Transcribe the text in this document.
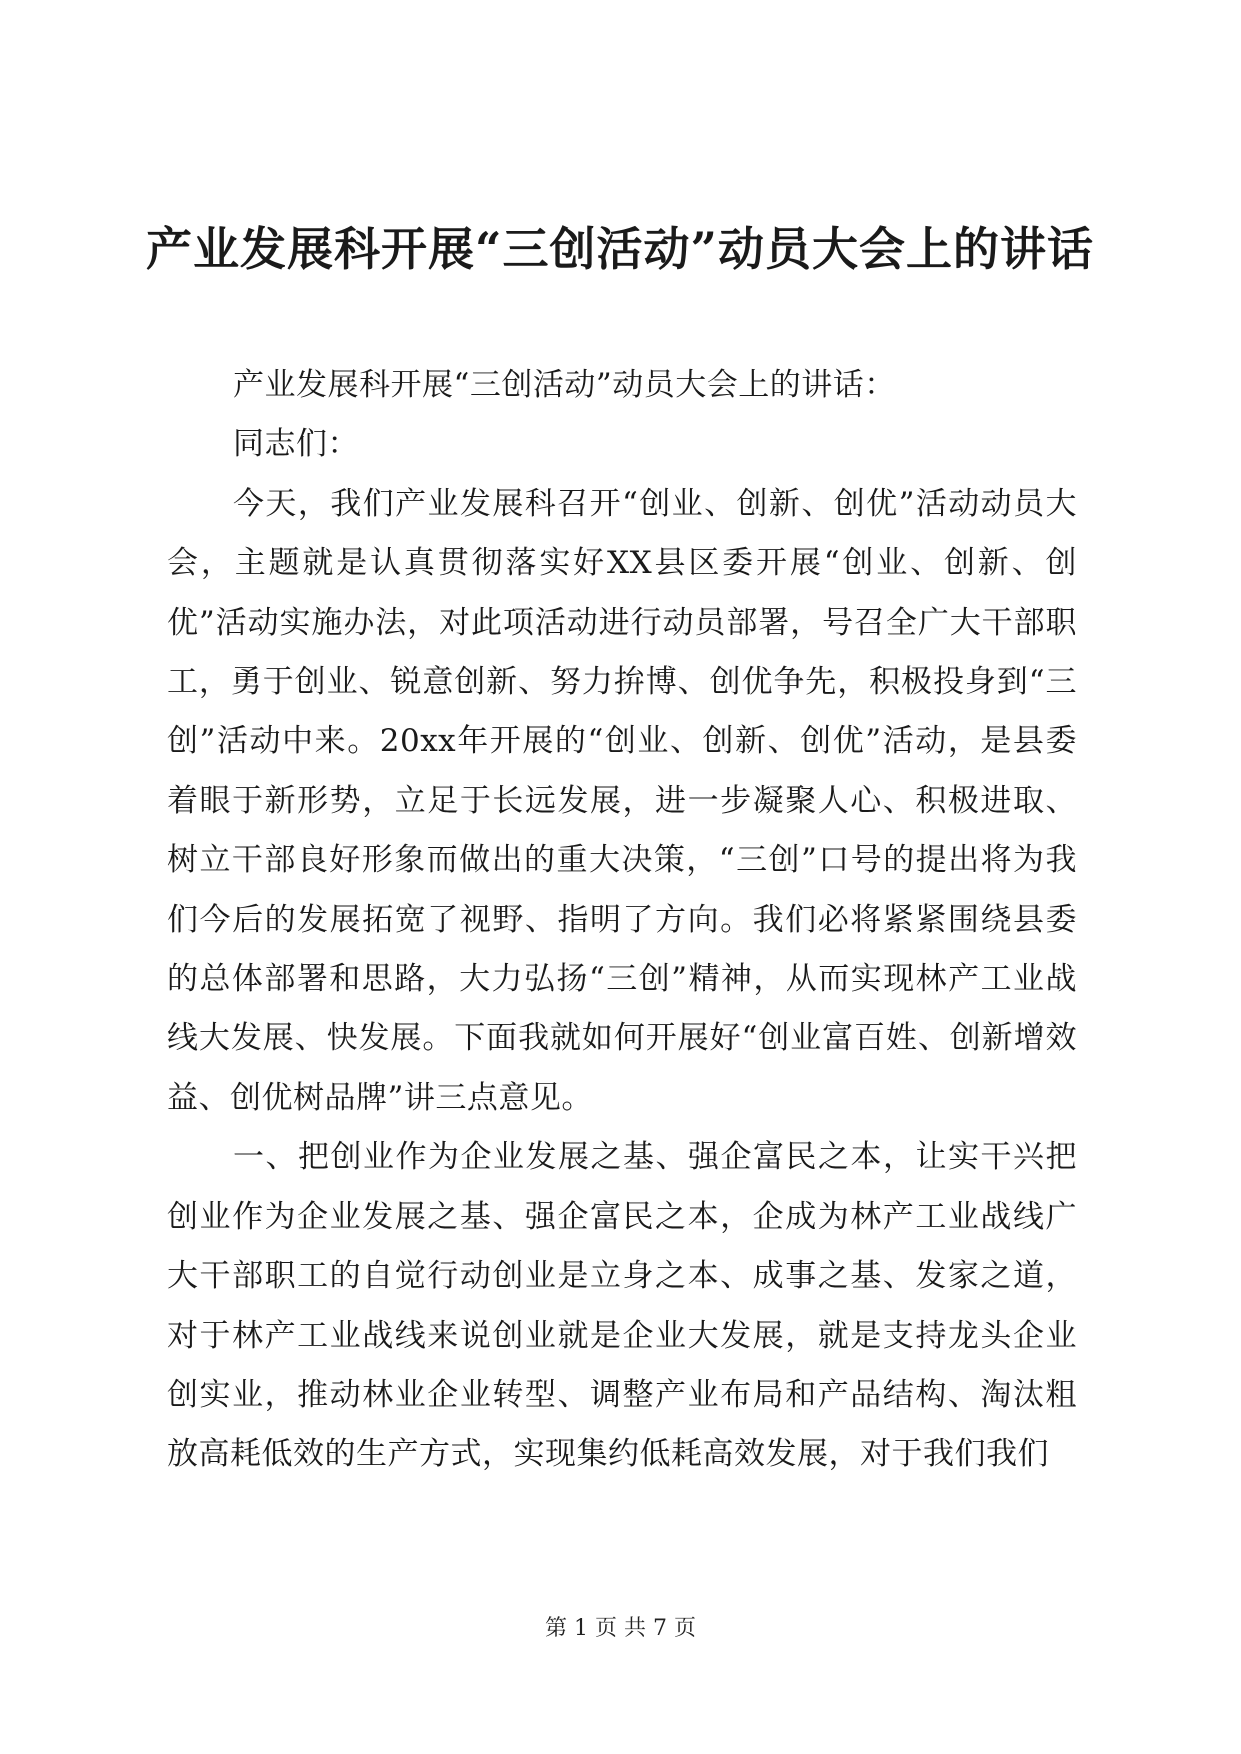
产业发展科开展“三创活动”动员大会上的讲话

产业发展科开展“三创活动”动员大会上的讲话：

同志们：

今天，我们产业发展科召开“创业、创新、创优”活动动员大会，主题就是认真贯彻落实好XX县区委开展“创业、创新、创优”活动实施办法，对此项活动进行动员部署，号召全广大干部职工，勇于创业、锐意创新、努力拚博、创优争先，积极投身到“三创”活动中来。20xx年开展的“创业、创新、创优”活动，是县委着眼于新形势，立足于长远发展，进一步凝聚人心、积极进取、树立干部良好形象而做出的重大决策，“三创”口号的提出将为我们今后的发展拓宽了视野、指明了方向。我们必将紧紧围绕县委的总体部署和思路，大力弘扬“三创”精神，从而实现林产工业战线大发展、快发展。下面我就如何开展好“创业富百姓、创新增效益、创优树品牌”讲三点意见。

一、把创业作为企业发展之基、强企富民之本，让实干兴把创业作为企业发展之基、强企富民之本，企成为林产工业战线广大干部职工的自觉行动创业是立身之本、成事之基、发家之道，对于林产工业战线来说创业就是企业大发展，就是支持龙头企业创实业，推动林业企业转型、调整产业布局和产品结构、淘汰粗放高耗低效的生产方式，实现集约低耗高效发展，对于我们我们

第 1 页 共 7 页
